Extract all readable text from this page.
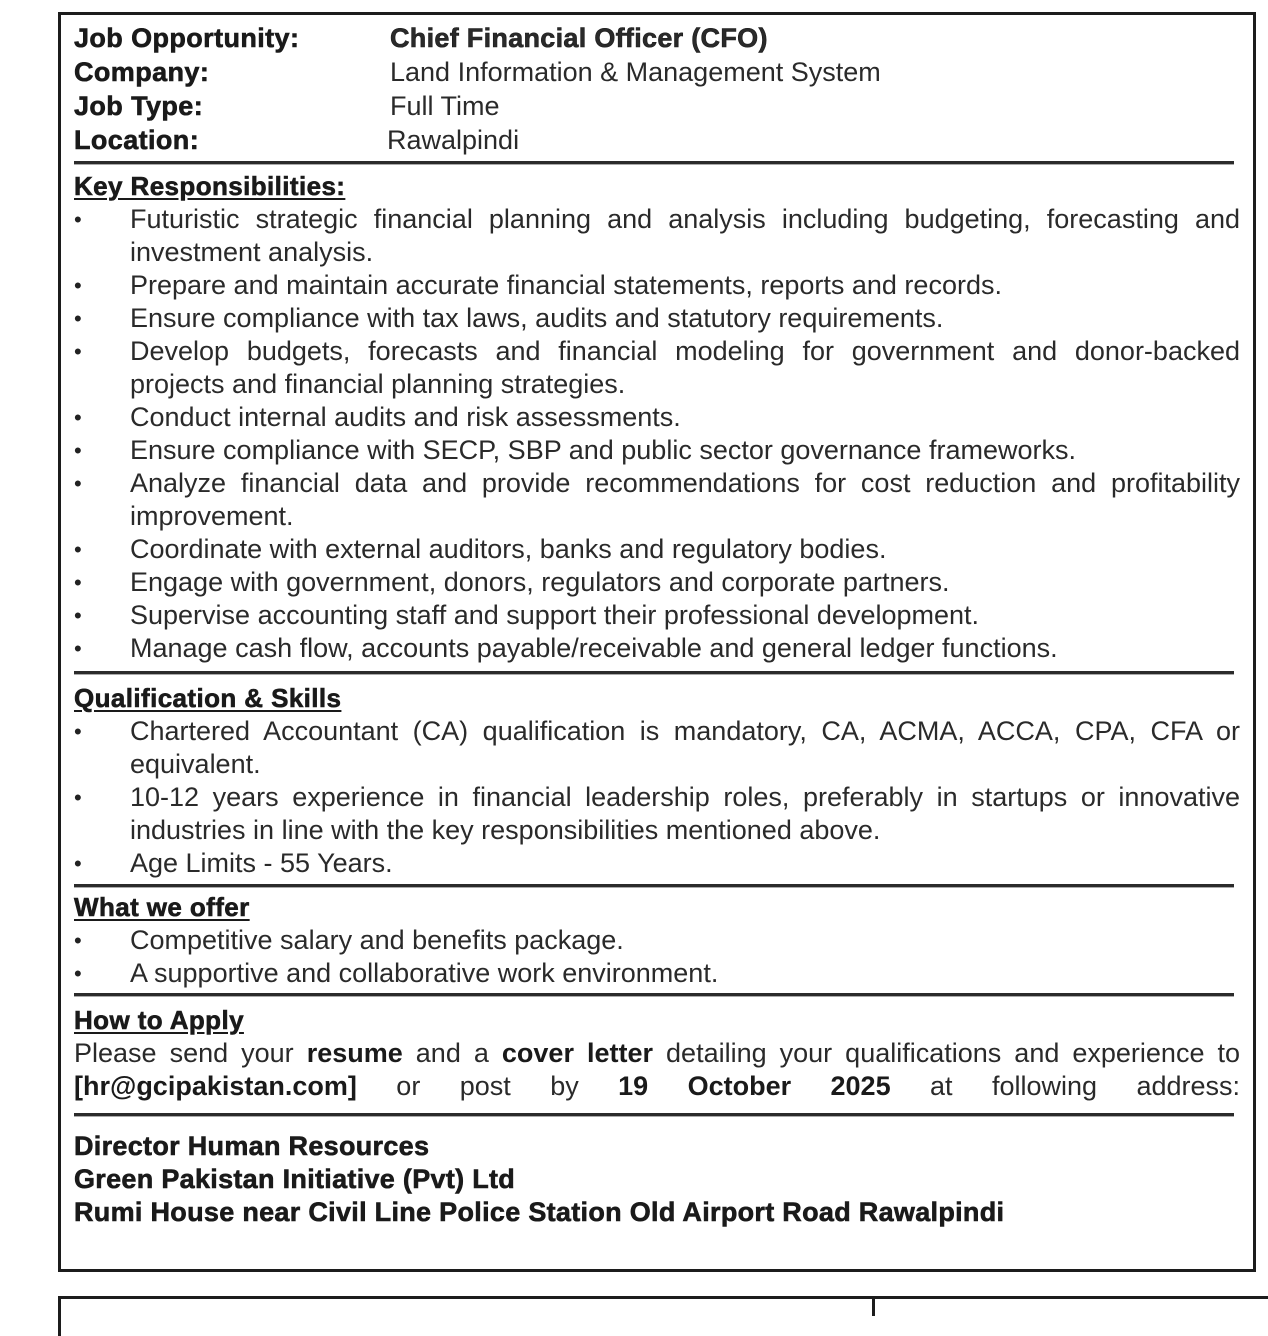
Job Opportunity:	Chief Financial Officer (CFO)
Company:	Land Information & Management System
Job Type:	Full Time
Location:	Rawalpindi
Key Responsibilities:
• Futuristic strategic financial planning and analysis including budgeting, forecasting and investment analysis.
• Prepare and maintain accurate financial statements, reports and records.
• Ensure compliance with tax laws, audits and statutory requirements.
• Develop budgets, forecasts and financial modeling for government and donor-backed projects and financial planning strategies.
• Conduct internal audits and risk assessments.
• Ensure compliance with SECP, SBP and public sector governance frameworks.
• Analyze financial data and provide recommendations for cost reduction and profitability improvement.
• Coordinate with external auditors, banks and regulatory bodies.
• Engage with government, donors, regulators and corporate partners.
• Supervise accounting staff and support their professional development.
• Manage cash flow, accounts payable/receivable and general ledger functions.
Qualification & Skills
• Chartered Accountant (CA) qualification is mandatory, CA, ACMA, ACCA, CPA, CFA or equivalent.
• 10-12 years experience in financial leadership roles, preferably in startups or innovative industries in line with the key responsibilities mentioned above.
• Age Limits - 55 Years.
What we offer
• Competitive salary and benefits package.
• A supportive and collaborative work environment.
How to Apply
Please send your resume and a cover letter detailing your qualifications and experience to [hr@gcipakistan.com] or post by 19 October 2025 at following address:
Director Human Resources
Green Pakistan Initiative (Pvt) Ltd
Rumi House near Civil Line Police Station Old Airport Road Rawalpindi
